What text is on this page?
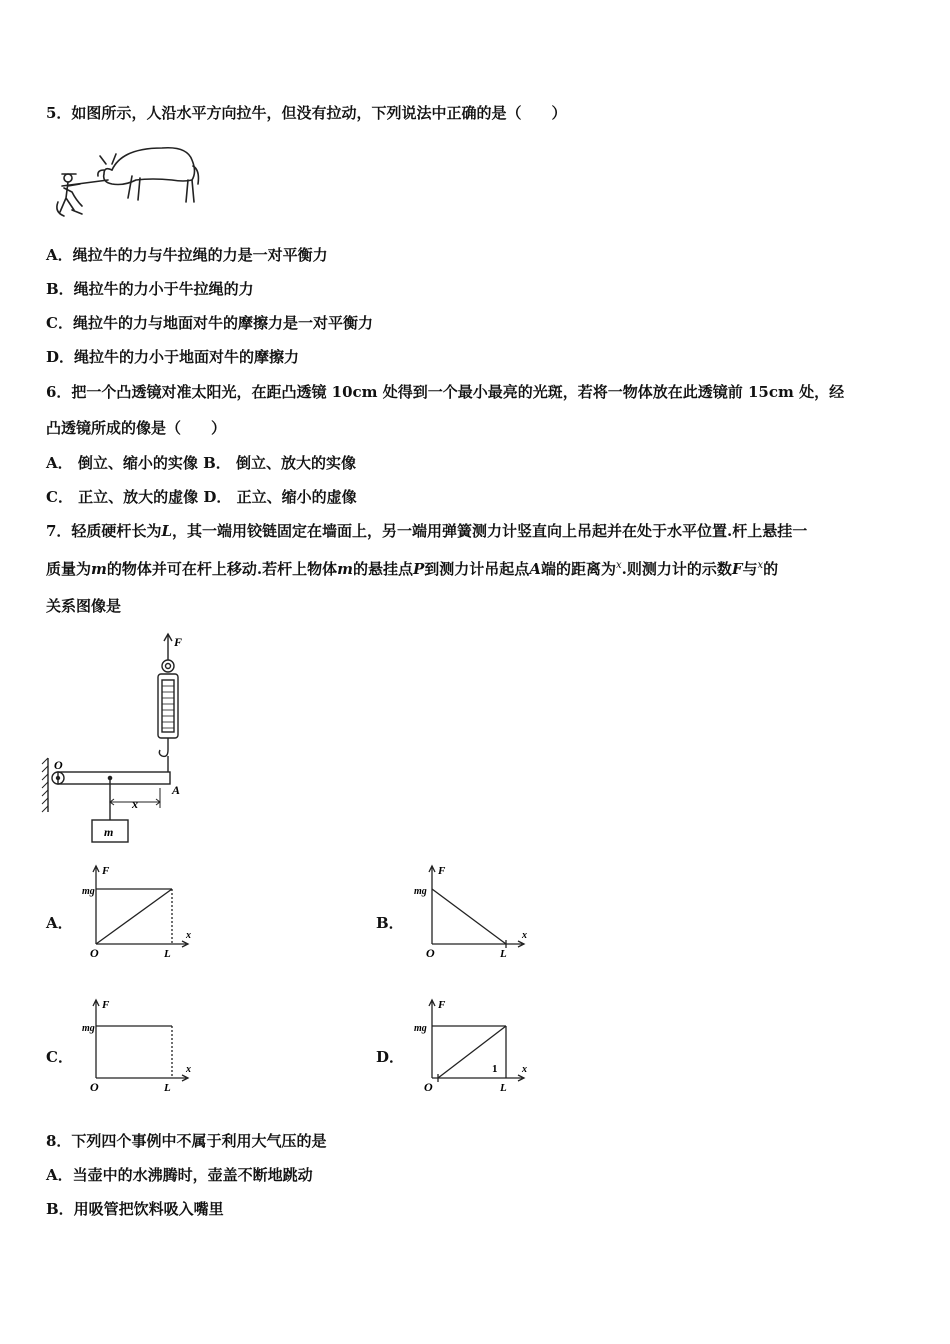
5．如图所示，人沿水平方向拉牛，但没有拉动，下列说法中正确的是（　　）
A．绳拉牛的力与牛拉绳的力是一对平衡力
B．绳拉牛的力小于牛拉绳的力
C．绳拉牛的力与地面对牛的摩擦力是一对平衡力
D．绳拉牛的力小于地面对牛的摩擦力
6．把一个凸透镜对准太阳光，在距凸透镜 10cm 处得到一个最小最亮的光斑，若将一物体放在此透镜前 15cm 处，经
凸透镜所成的像是（　　）
A． 倒立、缩小的实像 B． 倒立、放大的实像
C． 正立、放大的虚像 D． 正立、缩小的虚像
7．轻质硬杆长为L，其一端用铰链固定在墙面上，另一端用弹簧测力计竖直向上吊起并在处于水平位置.杆上悬挂一
质量为m的物体并可在杆上移动.若杆上物体m的悬挂点P到测力计吊起点A端的距离为$^x$.则测力计的示数F与$^x$的
关系图像是
F
O
A
x
m
A．
F
mg
O	L
x
B．
F
mg
O	L
x
C．
F
mg
O	L
x
D．
F
mg
O
1
L
x
8．下列四个事例中不属于利用大气压的是
A．当壶中的水沸腾时，壶盖不断地跳动
B．用吸管把饮料吸入嘴里
